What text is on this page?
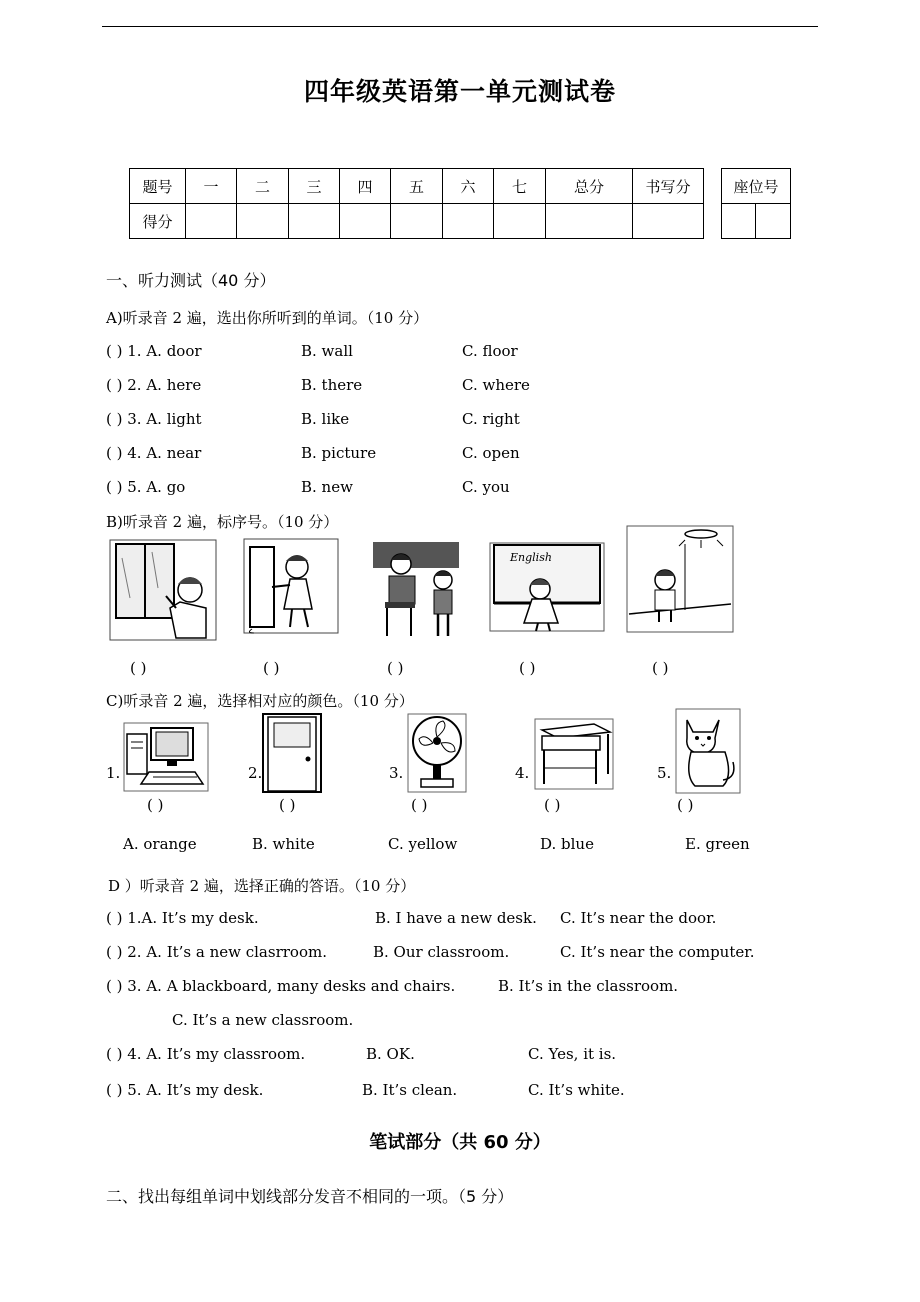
四年级英语第一单元测试卷
题号	一	二	三	四	五	六	七	总分	书写分
得分									
座位号

一、听力测试（40 分）
A)听录音 2 遍，选出你所听到的单词。（10 分）
( ) 1. A. door	B. wall	C. floor
( ) 2. A. here	B. there	C. where
( ) 3. A. light	B. like	C. right
( ) 4. A. near	B. picture	C. open
( ) 5. A. go	B. new	C. you
B)听录音 2 遍，标序号。（10 分）
English
( )	( )	( )	( )	( )
C)听录音 2 遍，选择相对应的颜色。（10 分）
1.	2.	3.	4.	5.
( )	( )	( )	( )	( )
A. orange	B. white	C. yellow	D. blue	E. green
D ）听录音 2 遍，选择正确的答语。（10 分）
( ) 1.A. It’s my desk.	B. I have a new desk. C. It’s near the door.
( ) 2. A. It’s a new clasrroom.	B. Our classroom.	C. It’s near the computer.
( ) 3. A. A blackboard, many desks and chairs.	B. It’s in the classroom.
C. It’s a new classroom.
( ) 4. A. It’s my classroom.	B. OK.	C. Yes, it is.
( ) 5. A. It’s my desk.	B. It’s clean.	C. It’s white.
笔试部分（共 60 分）
二、找出每组单词中划线部分发音不相同的一项。（5 分）
